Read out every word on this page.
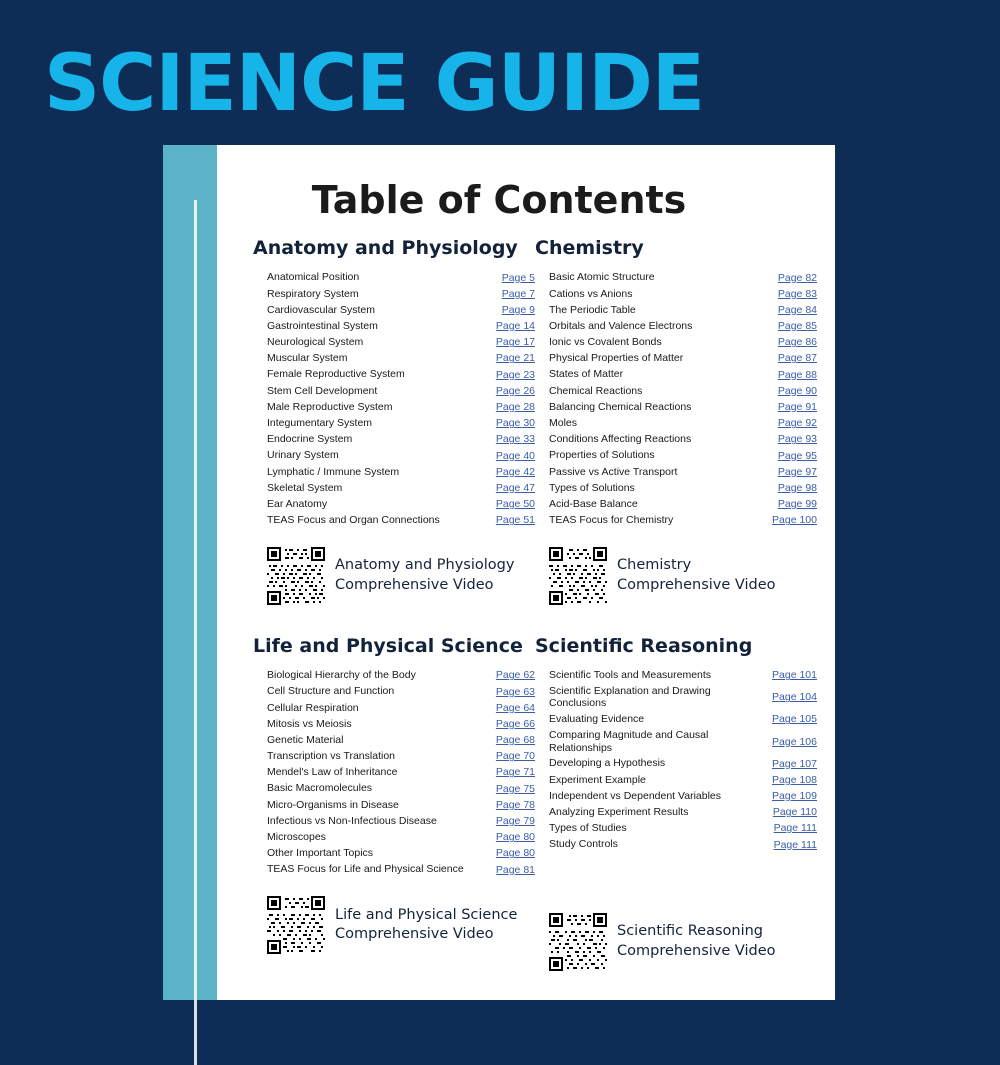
SCIENCE GUIDE
Table of Contents
Anatomy and Physiology
Anatomical Position	Page 5
Respiratory System	Page 7
Cardiovascular System	Page 9
Gastrointestinal System	Page 14
Neurological System	Page 17
Muscular System	Page 21
Female Reproductive System	Page 23
Stem Cell Development	Page 26
Male Reproductive System	Page 28
Integumentary System	Page 30
Endocrine System	Page 33
Urinary System	Page 40
Lymphatic / Immune System	Page 42
Skeletal System	Page 47
Ear Anatomy	Page 50
TEAS Focus and Organ Connections	Page 51
Anatomy and Physiology
Comprehensive Video
Chemistry
Basic Atomic Structure	Page 82
Cations vs Anions	Page 83
The Periodic Table	Page 84
Orbitals and Valence Electrons	Page 85
Ionic vs Covalent Bonds	Page 86
Physical Properties of Matter	Page 87
States of Matter	Page 88
Chemical Reactions	Page 90
Balancing Chemical Reactions	Page 91
Moles	Page 92
Conditions Affecting Reactions	Page 93
Properties of Solutions	Page 95
Passive vs Active Transport	Page 97
Types of Solutions	Page 98
Acid-Base Balance	Page 99
TEAS Focus for Chemistry	Page 100
Chemistry
Comprehensive Video
Life and Physical Science
Biological Hierarchy of the Body	Page 62
Cell Structure and Function	Page 63
Cellular Respiration	Page 64
Mitosis vs Meiosis	Page 66
Genetic Material	Page 68
Transcription vs Translation	Page 70
Mendel's Law of Inheritance	Page 71
Basic Macromolecules	Page 75
Micro-Organisms in Disease	Page 78
Infectious vs Non-Infectious Disease	Page 79
Microscopes	Page 80
Other Important Topics	Page 80
TEAS Focus for Life and Physical Science	Page 81
Life and Physical Science
Comprehensive Video
Scientific Reasoning
Scientific Tools and Measurements	Page 101
Scientific Explanation and Drawing Conclusions	Page 104
Evaluating Evidence	Page 105
Comparing Magnitude and Causal Relationships	Page 106
Developing a Hypothesis	Page 107
Experiment Example	Page 108
Independent vs Dependent Variables	Page 109
Analyzing Experiment Results	Page 110
Types of Studies	Page 111
Study Controls	Page 111
Scientific Reasoning
Comprehensive Video
